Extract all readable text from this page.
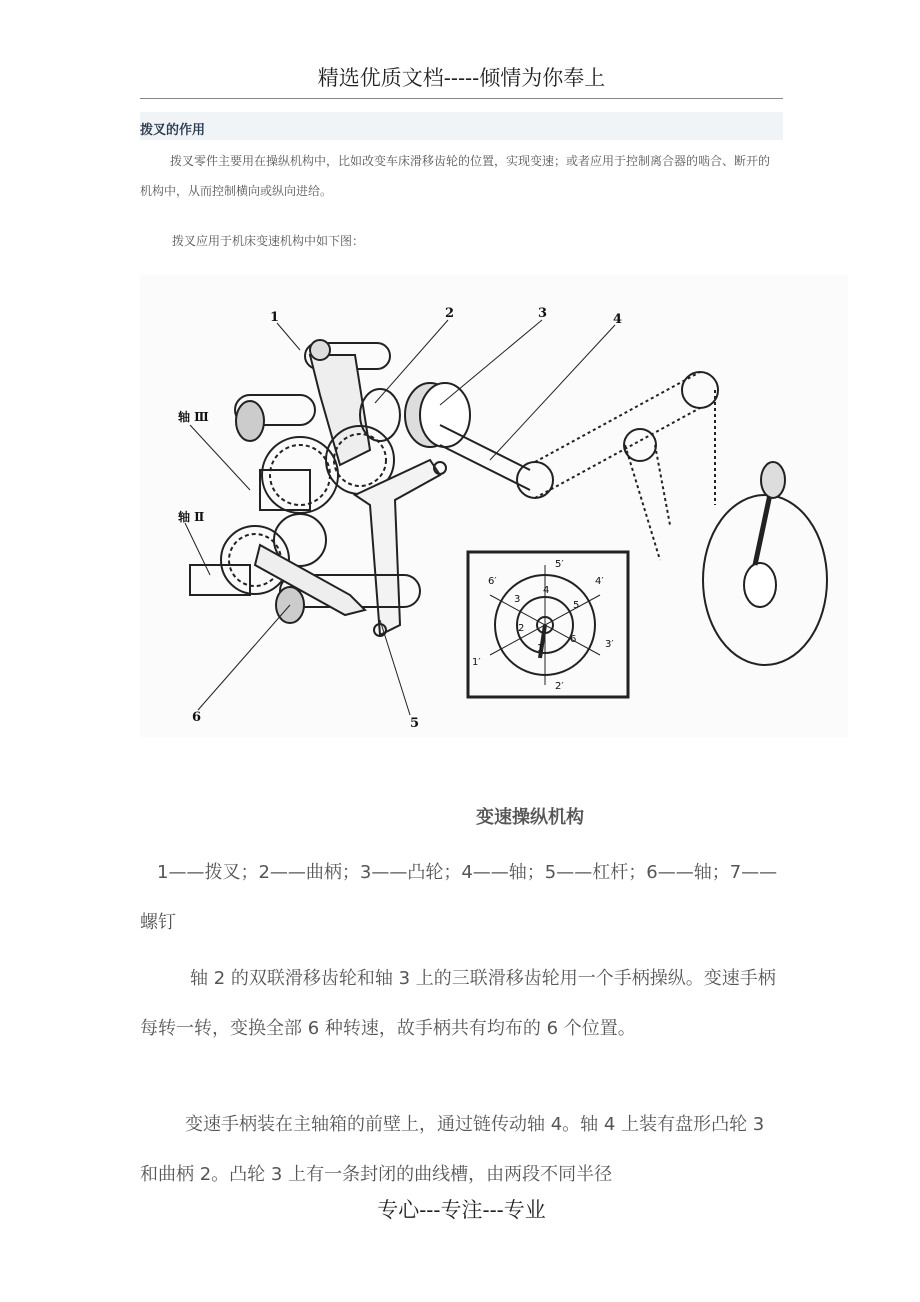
精选优质文档-----倾情为你奉上
拨叉的作用
拨叉零件主要用在操纵机构中，比如改变车床滑移齿轮的位置，实现变速；或者应用于控制离合器的啮合、断开的机构中，从而控制横向或纵向进给。
拨叉应用于机床变速机构中如下图：
1	2	3	4
5
6
轴 Ⅲ
轴 Ⅱ
4
3
5
2
6
1
5′
6′	4′
1′
3′
2′
变速操纵机构
1——拨叉；2——曲柄；3——凸轮；4——轴；5——杠杆；6——轴；7——螺钉
轴 2 的双联滑移齿轮和轴 3 上的三联滑移齿轮用一个手柄操纵。变速手柄每转一转，变换全部 6 种转速，故手柄共有均布的 6 个位置。
变速手柄装在主轴箱的前壁上，通过链传动轴 4。轴 4 上装有盘形凸轮 3 和曲柄 2。凸轮 3 上有一条封闭的曲线槽，由两段不同半径
专心---专注---专业
